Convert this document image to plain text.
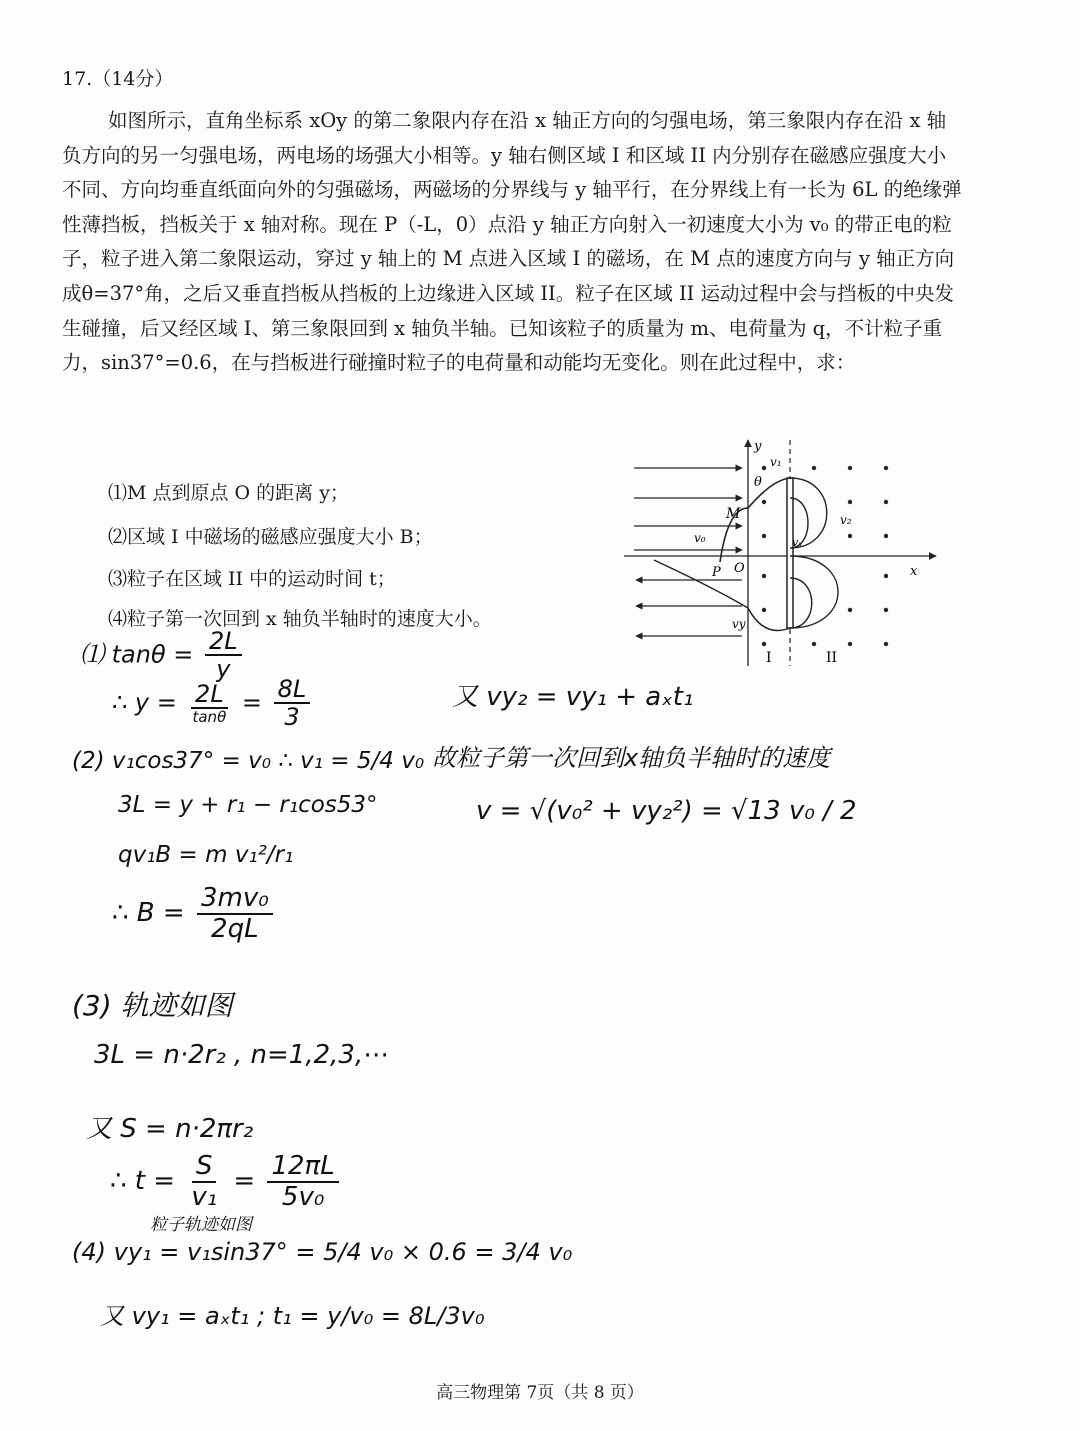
17.（14分）

如图所示，直角坐标系 xOy 的第二象限内存在沿 x 轴正方向的匀强电场，第三象限内存在沿 x 轴负方向的另一匀强电场，两电场的场强大小相等。y 轴右侧区域 I 和区域 II 内分别存在磁感应强度大小不同、方向均垂直纸面向外的匀强磁场，两磁场的分界线与 y 轴平行，在分界线上有一长为 6L 的绝缘弹性薄挡板，挡板关于 x 轴对称。现在 P（-L，0）点沿 y 轴正方向射入一初速度大小为 v₀ 的带正电的粒子，粒子进入第二象限运动，穿过 y 轴上的 M 点进入区域 I 的磁场，在 M 点的速度方向与 y 轴正方向成θ=37°角，之后又垂直挡板从挡板的上边缘进入区域 II。粒子在区域 II 运动过程中会与挡板的中央发生碰撞，后又经区域 I、第三象限回到 x 轴负半轴。已知该粒子的质量为 m、电荷量为 q，不计粒子重力，sin37°=0.6，在与挡板进行碰撞时粒子的电荷量和动能均无变化。则在此过程中，求：

⑴M 点到原点 O 的距离 y；
⑵区域 I 中磁场的磁感应强度大小 B；
⑶粒子在区域 II 中的运动时间 t；
⑷粒子第一次回到 x 轴负半轴时的速度大小。
y
x
M
P O
θ
v₀
I	II
v₁
v₂
vy
vₓ
⑴ $\tan\theta = \frac{2L}{y}$
∴ $y = \frac{2L}{\tan\theta} = \frac{8L}{3}$
(2) v₁cos37° = v₀ ∴ v₁ = 5/4 v₀
3L = y + r₁ − r₁cos53°
qv₁B = m v₁²/r₁
∴ $B = \frac{\text{3mv₀}}{2qL}$
(3) 轨迹如图
3L = n·2r₂ , n=1,2,3,⋯
又 S = n·2πr₂
∴ $t = \frac{S}{\text{v₁}} = \frac{12\pi L}{\text{5v₀}}$
粒子轨迹如图
(4) vy₁ = v₁sin37° = 5/4 v₀ × 0.6 = 3/4 v₀
又 vy₁ = aₓt₁ ; t₁ = y/v₀ = 8L/3v₀
又 vy₂ = vy₁ + aₓt₁
故粒子第一次回到x轴负半轴时的速度
v = √(v₀² + vy₂²) = √13 v₀ / 2
高三物理第 7页（共 8 页）
